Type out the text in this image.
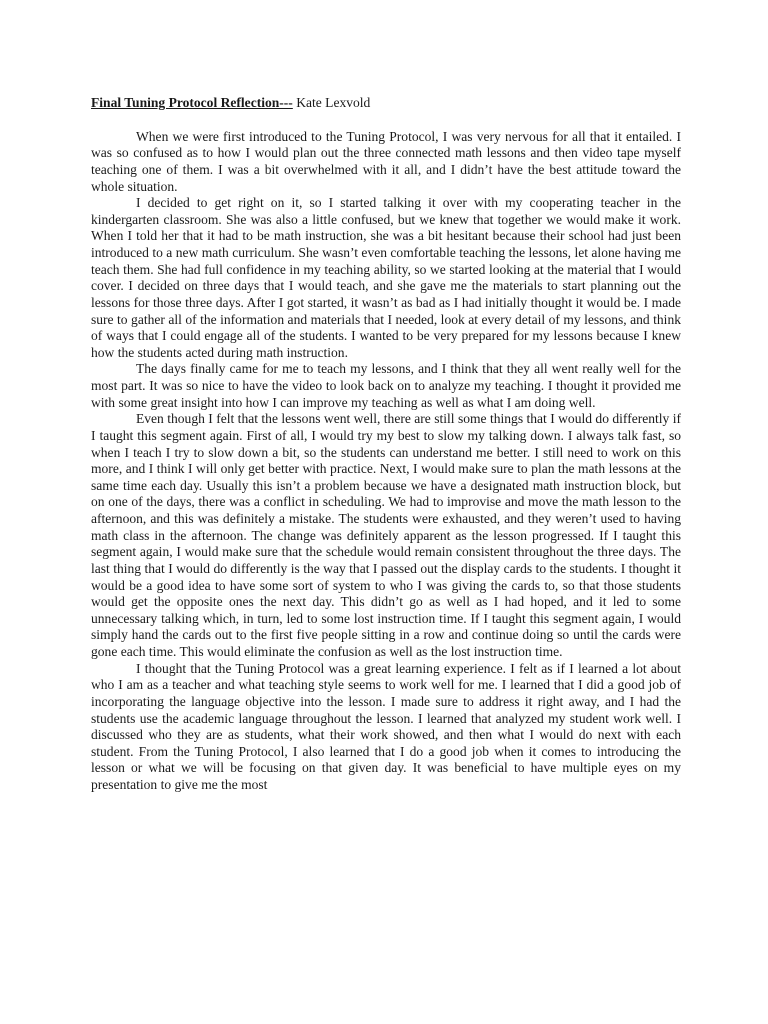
Final Tuning Protocol Reflection--- Kate Lexvold

When we were first introduced to the Tuning Protocol, I was very nervous for all that it entailed. I was so confused as to how I would plan out the three connected math lessons and then video tape myself teaching one of them. I was a bit overwhelmed with it all, and I didn’t have the best attitude toward the whole situation.

I decided to get right on it, so I started talking it over with my cooperating teacher in the kindergarten classroom. She was also a little confused, but we knew that together we would make it work. When I told her that it had to be math instruction, she was a bit hesitant because their school had just been introduced to a new math curriculum. She wasn’t even comfortable teaching the lessons, let alone having me teach them. She had full confidence in my teaching ability, so we started looking at the material that I would cover. I decided on three days that I would teach, and she gave me the materials to start planning out the lessons for those three days. After I got started, it wasn’t as bad as I had initially thought it would be. I made sure to gather all of the information and materials that I needed, look at every detail of my lessons, and think of ways that I could engage all of the students. I wanted to be very prepared for my lessons because I knew how the students acted during math instruction.

The days finally came for me to teach my lessons, and I think that they all went really well for the most part. It was so nice to have the video to look back on to analyze my teaching. I thought it provided me with some great insight into how I can improve my teaching as well as what I am doing well.

Even though I felt that the lessons went well, there are still some things that I would do differently if I taught this segment again. First of all, I would try my best to slow my talking down. I always talk fast, so when I teach I try to slow down a bit, so the students can understand me better. I still need to work on this more, and I think I will only get better with practice. Next, I would make sure to plan the math lessons at the same time each day. Usually this isn’t a problem because we have a designated math instruction block, but on one of the days, there was a conflict in scheduling. We had to improvise and move the math lesson to the afternoon, and this was definitely a mistake. The students were exhausted, and they weren’t used to having math class in the afternoon. The change was definitely apparent as the lesson progressed. If I taught this segment again, I would make sure that the schedule would remain consistent throughout the three days. The last thing that I would do differently is the way that I passed out the display cards to the students. I thought it would be a good idea to have some sort of system to who I was giving the cards to, so that those students would get the opposite ones the next day. This didn’t go as well as I had hoped, and it led to some unnecessary talking which, in turn, led to some lost instruction time. If I taught this segment again, I would simply hand the cards out to the first five people sitting in a row and continue doing so until the cards were gone each time. This would eliminate the confusion as well as the lost instruction time.

I thought that the Tuning Protocol was a great learning experience. I felt as if I learned a lot about who I am as a teacher and what teaching style seems to work well for me. I learned that I did a good job of incorporating the language objective into the lesson. I made sure to address it right away, and I had the students use the academic language throughout the lesson. I learned that analyzed my student work well. I discussed who they are as students, what their work showed, and then what I would do next with each student. From the Tuning Protocol, I also learned that I do a good job when it comes to introducing the lesson or what we will be focusing on that given day. It was beneficial to have multiple eyes on my presentation to give me the most
